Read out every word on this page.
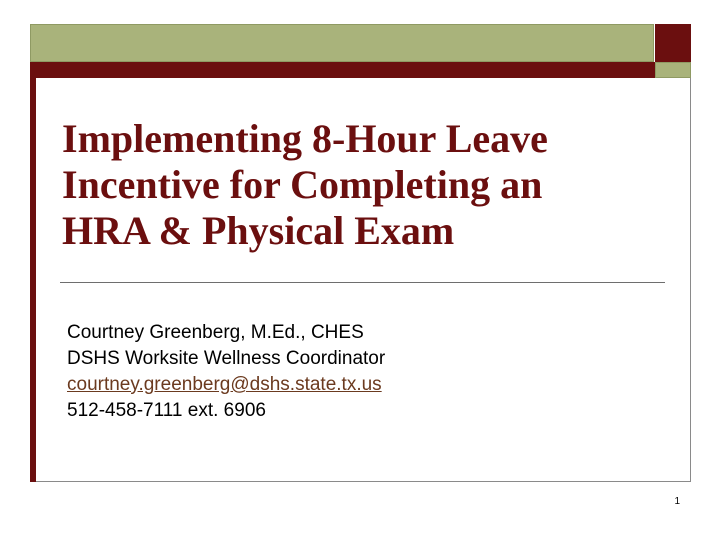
Implementing 8-Hour Leave
Incentive for Completing an
HRA & Physical Exam
Courtney Greenberg, M.Ed., CHES
DSHS Worksite Wellness Coordinator
courtney.greenberg@dshs.state.tx.us
512-458-7111 ext. 6906
1
